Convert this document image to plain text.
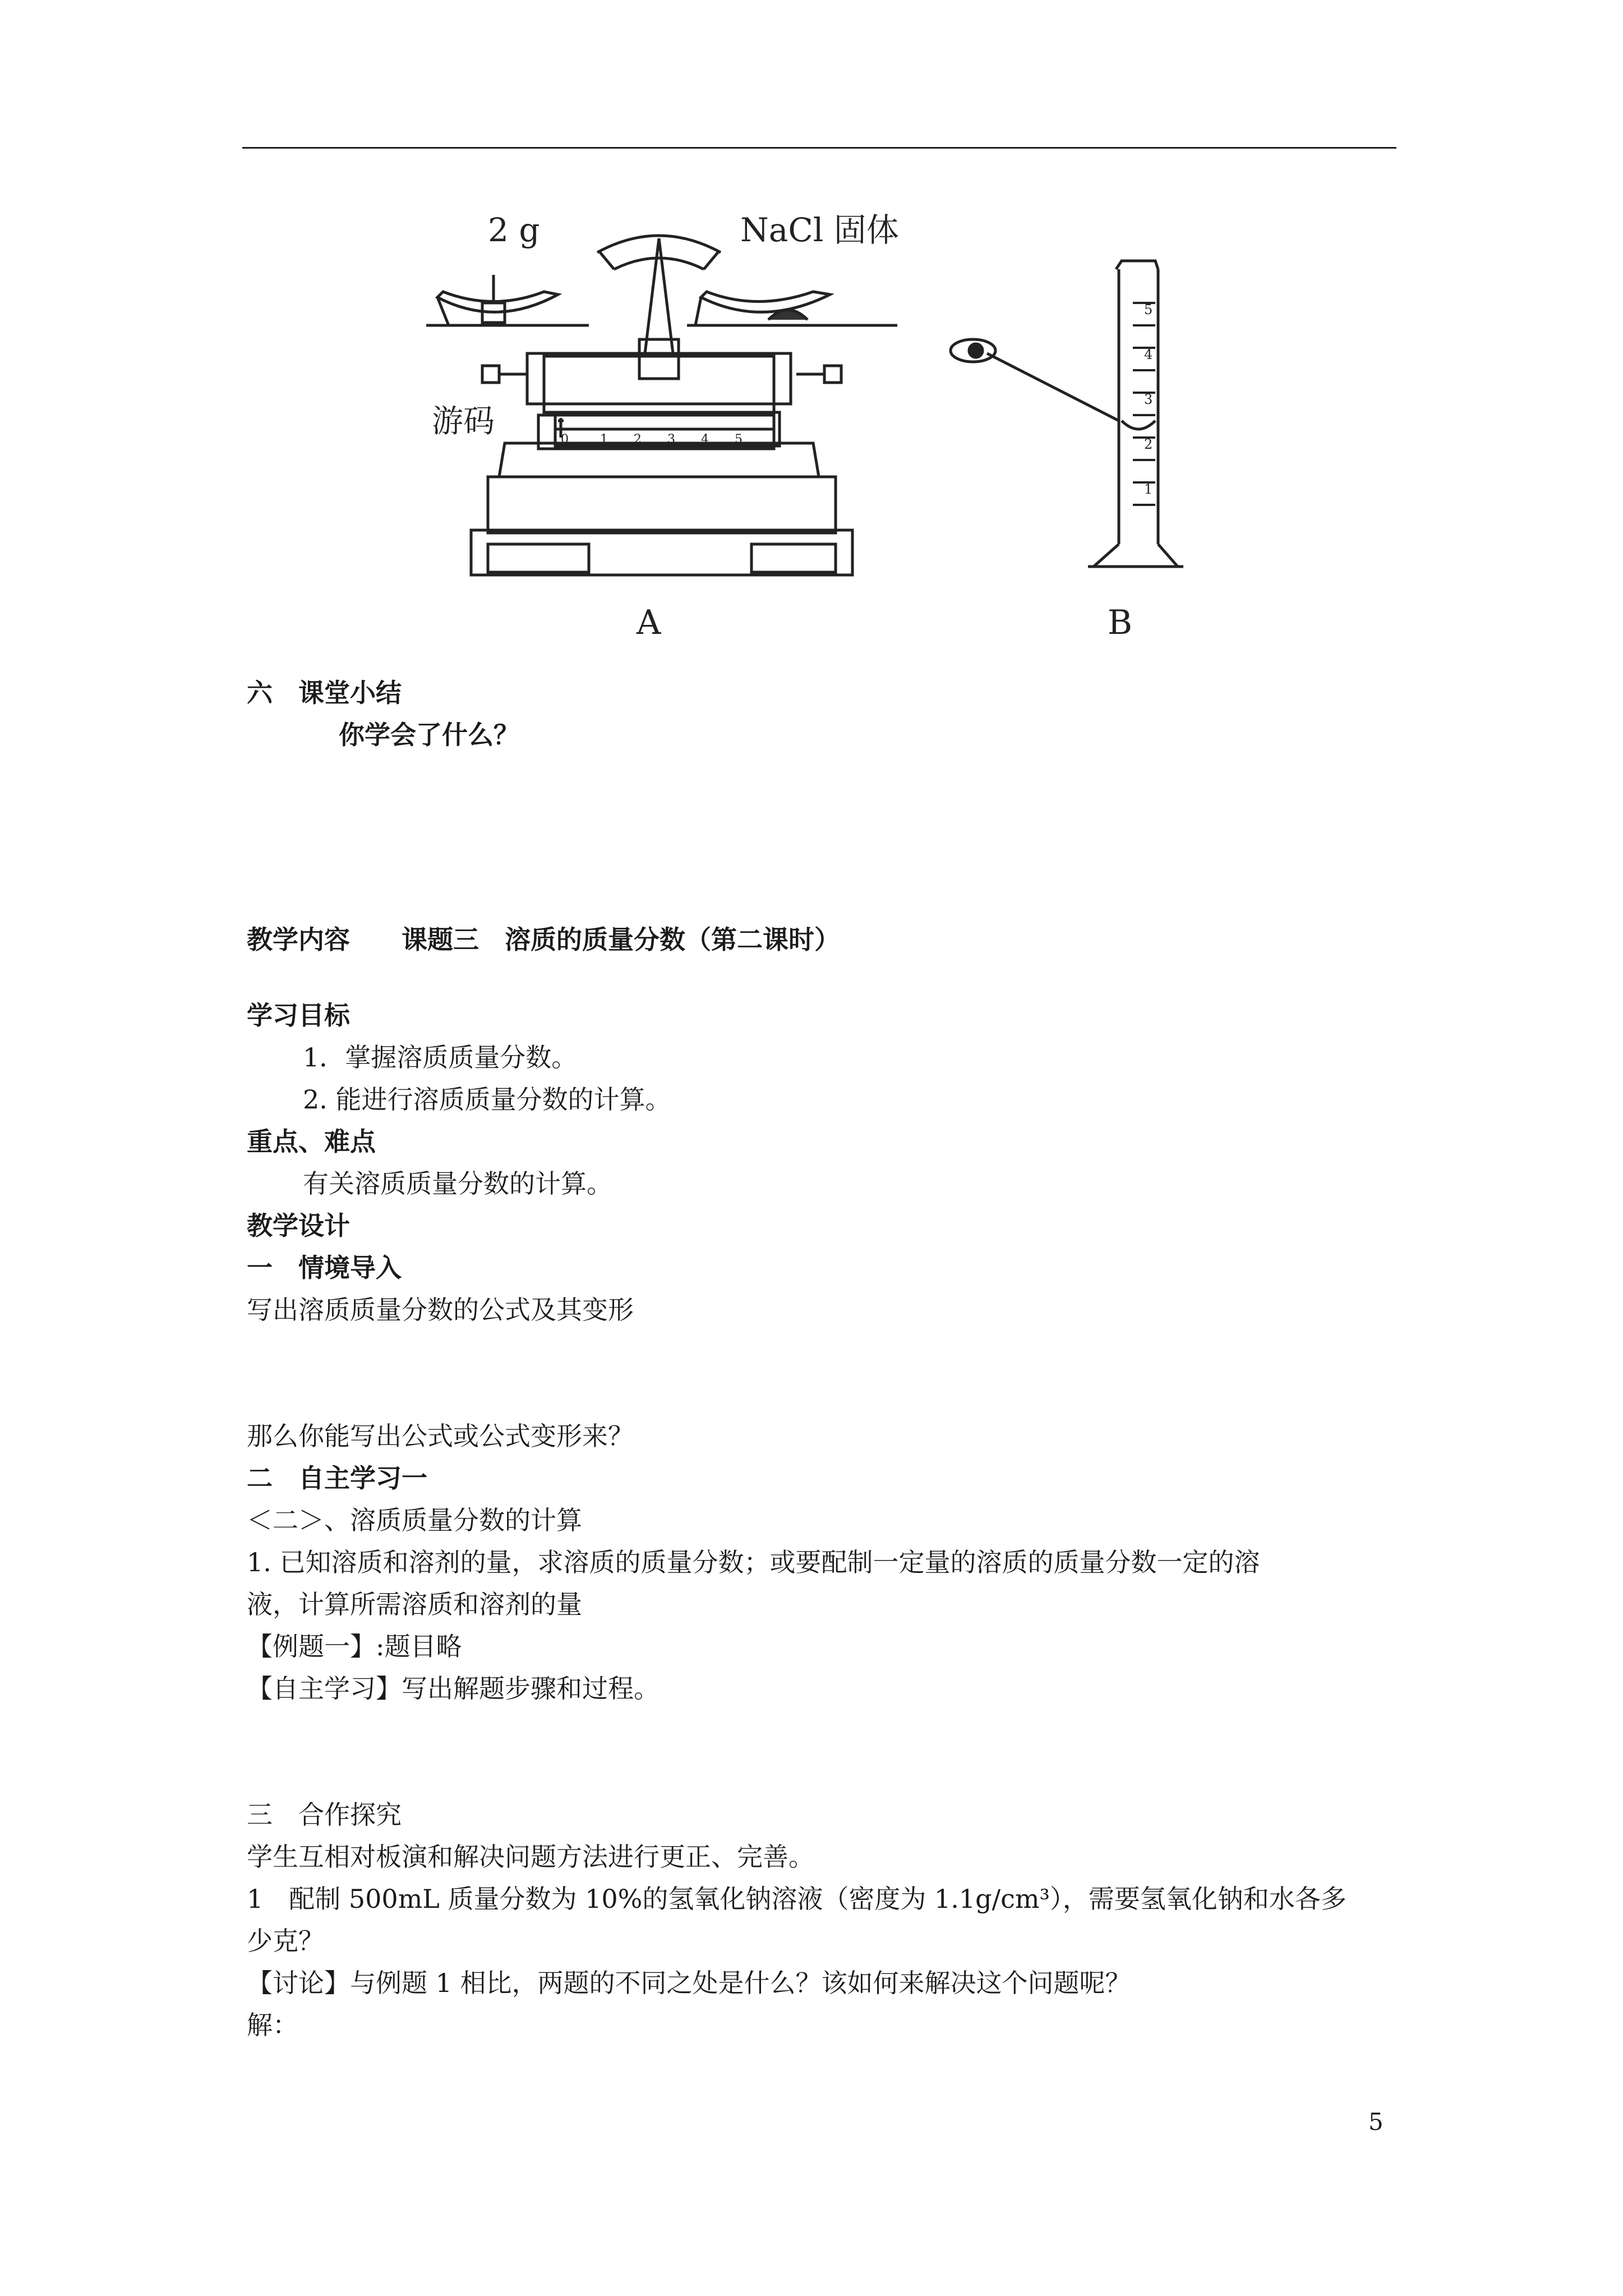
2 g	NaCl 固体
游码	0	1 2 3 4 5
1
2
3
4
5
A	B
六　课堂小结
你学会了什么？
教学内容　　课题三　溶质的质量分数（第二课时）
学习目标
1．掌握溶质质量分数。
2. 能进行溶质质量分数的计算。
重点、难点
有关溶质质量分数的计算。
教学设计
一　情境导入
写出溶质质量分数的公式及其变形
那么你能写出公式或公式变形来？
二　自主学习一
＜二＞、溶质质量分数的计算
1. 已知溶质和溶剂的量，求溶质的质量分数；或要配制一定量的溶质的质量分数一定的溶
液，计算所需溶质和溶剂的量
【例题一】:题目略
【自主学习】写出解题步骤和过程。
三　合作探究
学生互相对板演和解决问题方法进行更正、完善。
1　配制 500mL 质量分数为 10%的氢氧化钠溶液（密度为 1.1g/cm³），需要氢氧化钠和水各多
少克？
【讨论】与例题 1 相比，两题的不同之处是什么？该如何来解决这个问题呢？
解：
5
